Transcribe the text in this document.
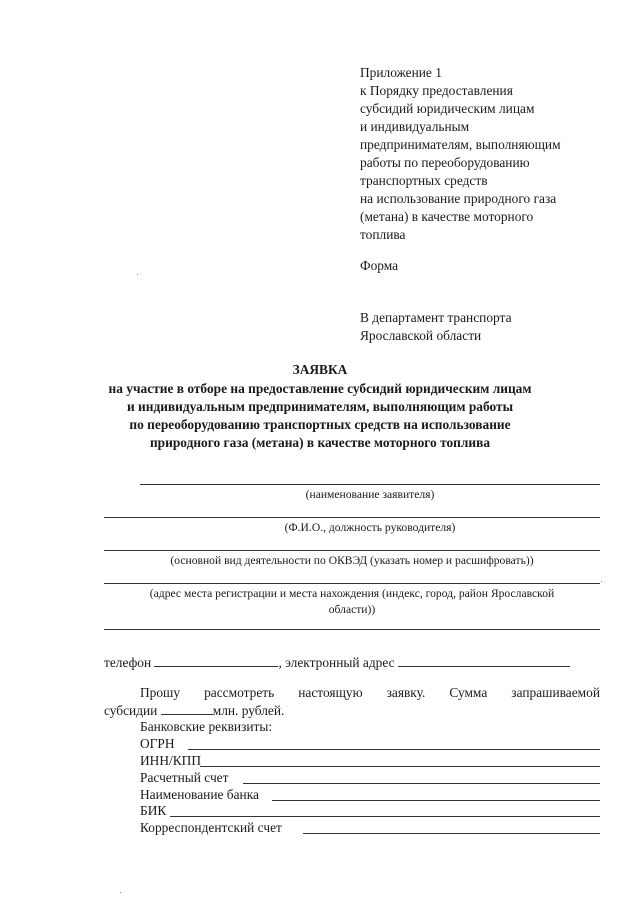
Приложение 1
к Порядку предоставления
субсидий юридическим лицам
и индивидуальным
предпринимателям, выполняющим
работы по переоборудованию
транспортных средств
на использование природного газа
(метана) в качестве моторного
топлива
Форма
В департамент транспорта
Ярославской области
ЗАЯВКА
на участие в отборе на предоставление субсидий юридическим лицам
и индивидуальным предпринимателям, выполняющим работы
по переоборудованию транспортных средств на использование
природного газа (метана) в качестве моторного топлива
(наименование заявителя)
(Ф.И.О., должность руководителя)
(основной вид деятельности по ОКВЭД (указать номер и расшифровать))
(адрес места регистрации и места нахождения (индекс, город, район Ярославской
области))
телефон	, электронный адрес
Прошу рассмотреть настоящую заявку. Сумма запрашиваемой
субсидии	млн. рублей.
Банковские реквизиты:
ОГРН
ИНН/КПП
Расчетный счет
Наименование банка
БИК
Корреспондентский счет
